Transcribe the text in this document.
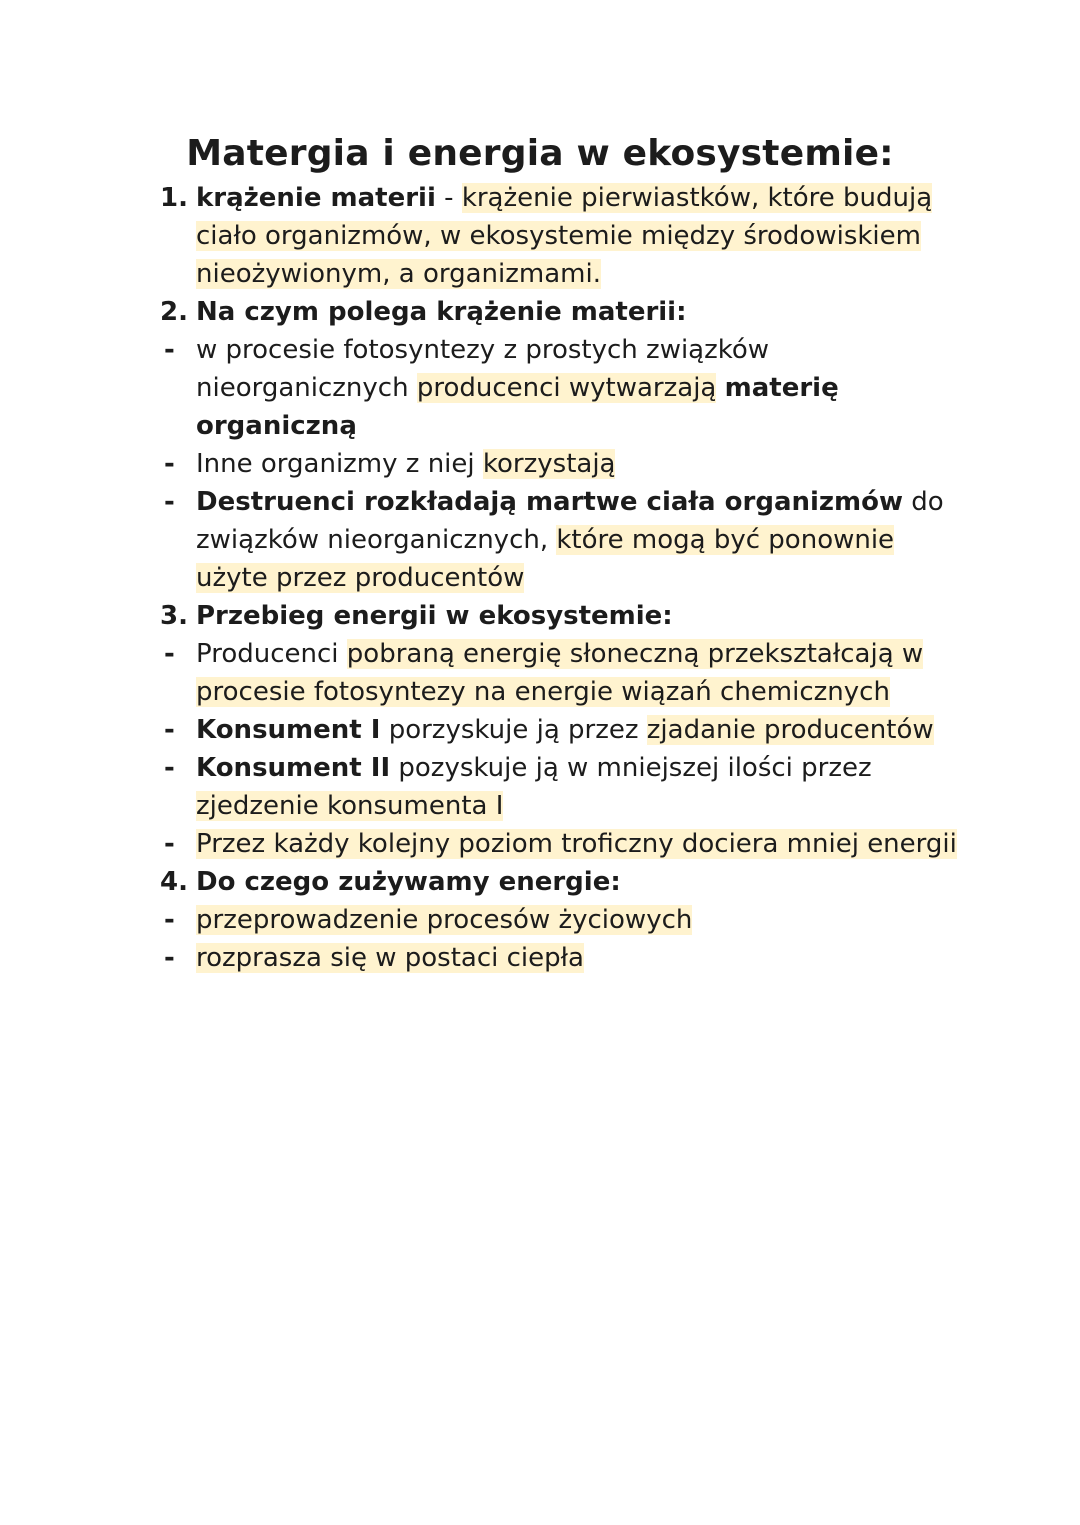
Matergia i energia w ekosystemie:
1. krążenie materii - krążenie pierwiastków, które budują ciało organizmów, w ekosystemie między środowiskiem nieożywionym, a organizmami.
2. Na czym polega krążenie materii:
- w procesie fotosyntezy z prostych związków nieorganicznych producenci wytwarzają materię organiczną
- Inne organizmy z niej korzystają
- Destruenci rozkładają martwe ciała organizmów do związków nieorganicznych, które mogą być ponownie użyte przez producentów
3. Przebieg energii w ekosystemie:
- Producenci pobraną energię słoneczną przekształcają w procesie fotosyntezy na energie wiązań chemicznych
- Konsument I porzyskuje ją przez zjadanie producentów
- Konsument II pozyskuje ją w mniejszej ilości przez zjedzenie konsumenta I
- Przez każdy kolejny poziom troficzny dociera mniej energii
4. Do czego zużywamy energie:
- przeprowadzenie procesów życiowych
- rozprasza się w postaci ciepła
